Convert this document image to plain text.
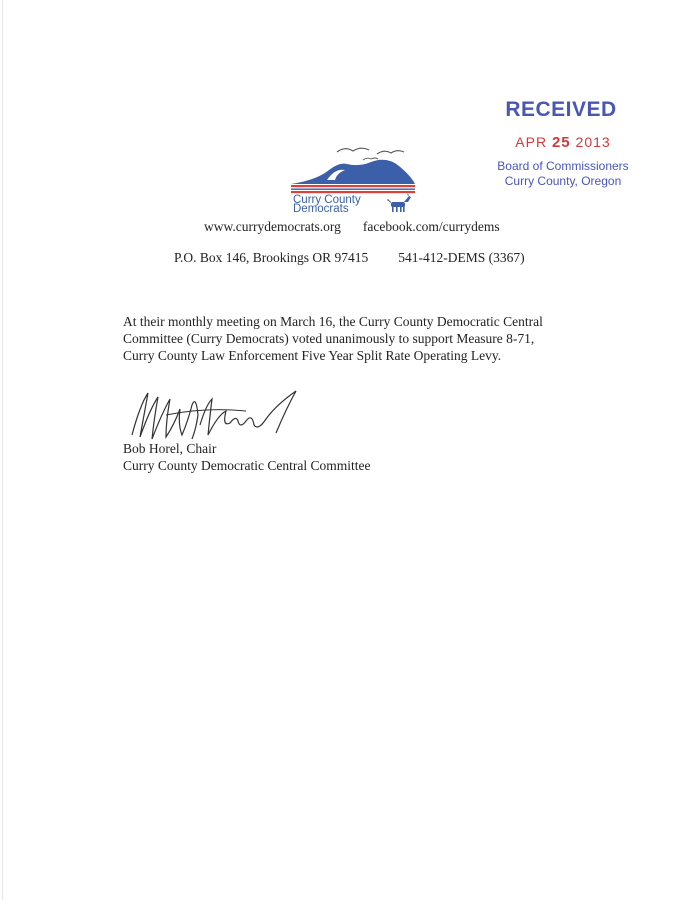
RECEIVED
APR 25 2013
Board of Commissioners
Curry County, Oregon
Curry County
Democrats
www.currydemocrats.org facebook.com/currydems
P.O. Box 146, Brookings OR 97415 541-412-DEMS (3367)
At their monthly meeting on March 16, the Curry County Democratic Central
Committee (Curry Democrats) voted unanimously to support Measure 8-71,
Curry County Law Enforcement Five Year Split Rate Operating Levy.
Bob Horel, Chair
Curry County Democratic Central Committee
